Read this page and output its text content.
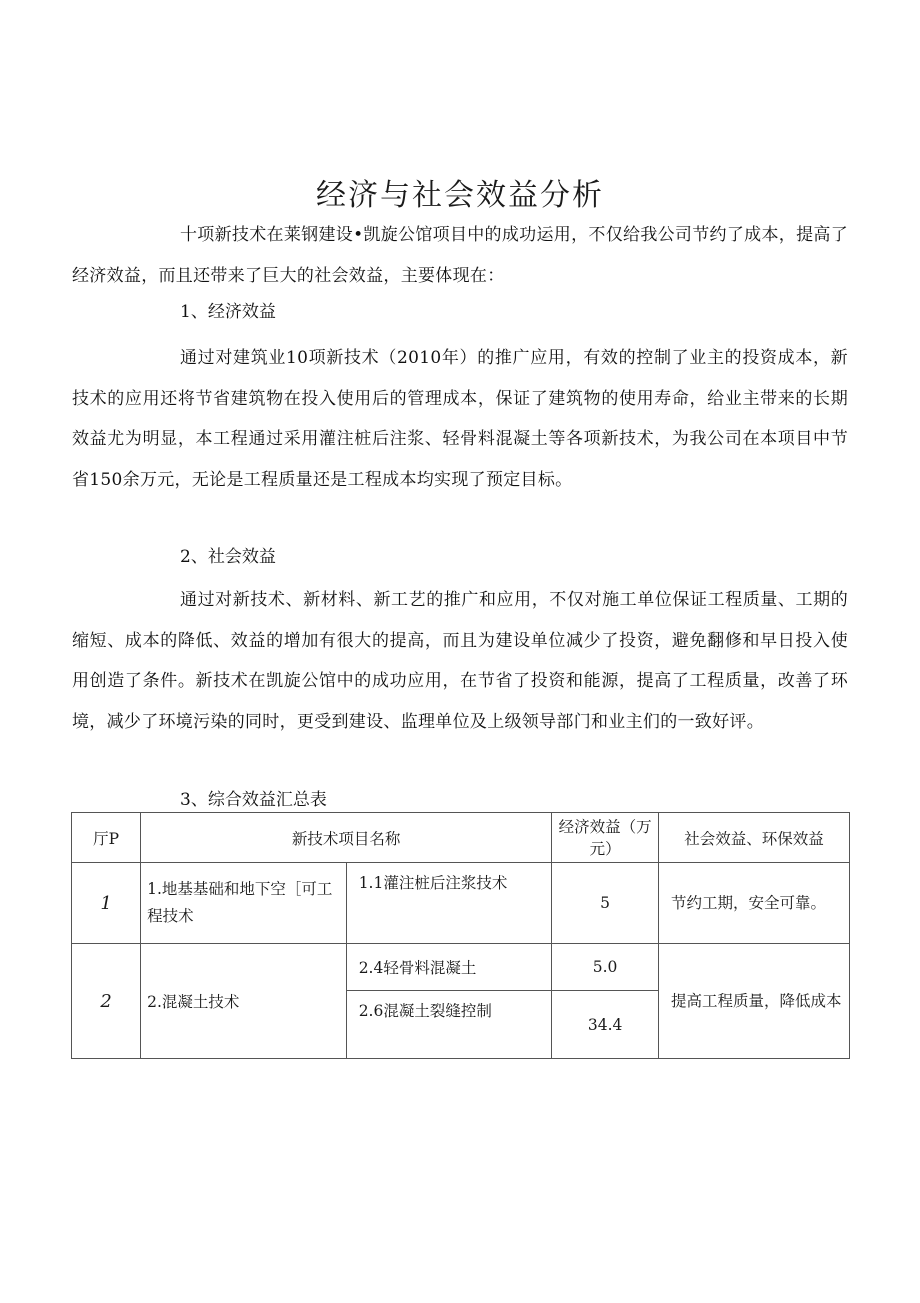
经济与社会效益分析

十项新技术在莱钢建设•凯旋公馆项目中的成功运用，不仅给我公司节约了成本，提高了经济效益，而且还带来了巨大的社会效益，主要体现在：

1、经济效益

通过对建筑业10项新技术（2010年）的推广应用，有效的控制了业主的投资成本，新技术的应用还将节省建筑物在投入使用后的管理成本，保证了建筑物的使用寿命，给业主带来的长期效益尤为明显，本工程通过采用灌注桩后注浆、轻骨料混凝土等各项新技术，为我公司在本项目中节省150余万元，无论是工程质量还是工程成本均实现了预定目标。

2、社会效益

通过对新技术、新材料、新工艺的推广和应用，不仅对施工单位保证工程质量、工期的缩短、成本的降低、效益的增加有很大的提高，而且为建设单位减少了投资，避免翻修和早日投入使用创造了条件。新技术在凯旋公馆中的成功应用，在节省了投资和能源，提高了工程质量，改善了环境，减少了环境污染的同时，更受到建设、监理单位及上级领导部门和业主们的一致好评。

3、综合效益汇总表

厅P	新技术项目名称		经济效益（万元）	社会效益、环保效益
1	1.地基基础和地下空［可工程技术	1.1灌注桩后注浆技术	5	节约工期，安全可靠。
2	2.混凝土技术	2.4轻骨料混凝土	5.0	提高工程质量，降低成本
		2.6混凝土裂缝控制	34.4	
